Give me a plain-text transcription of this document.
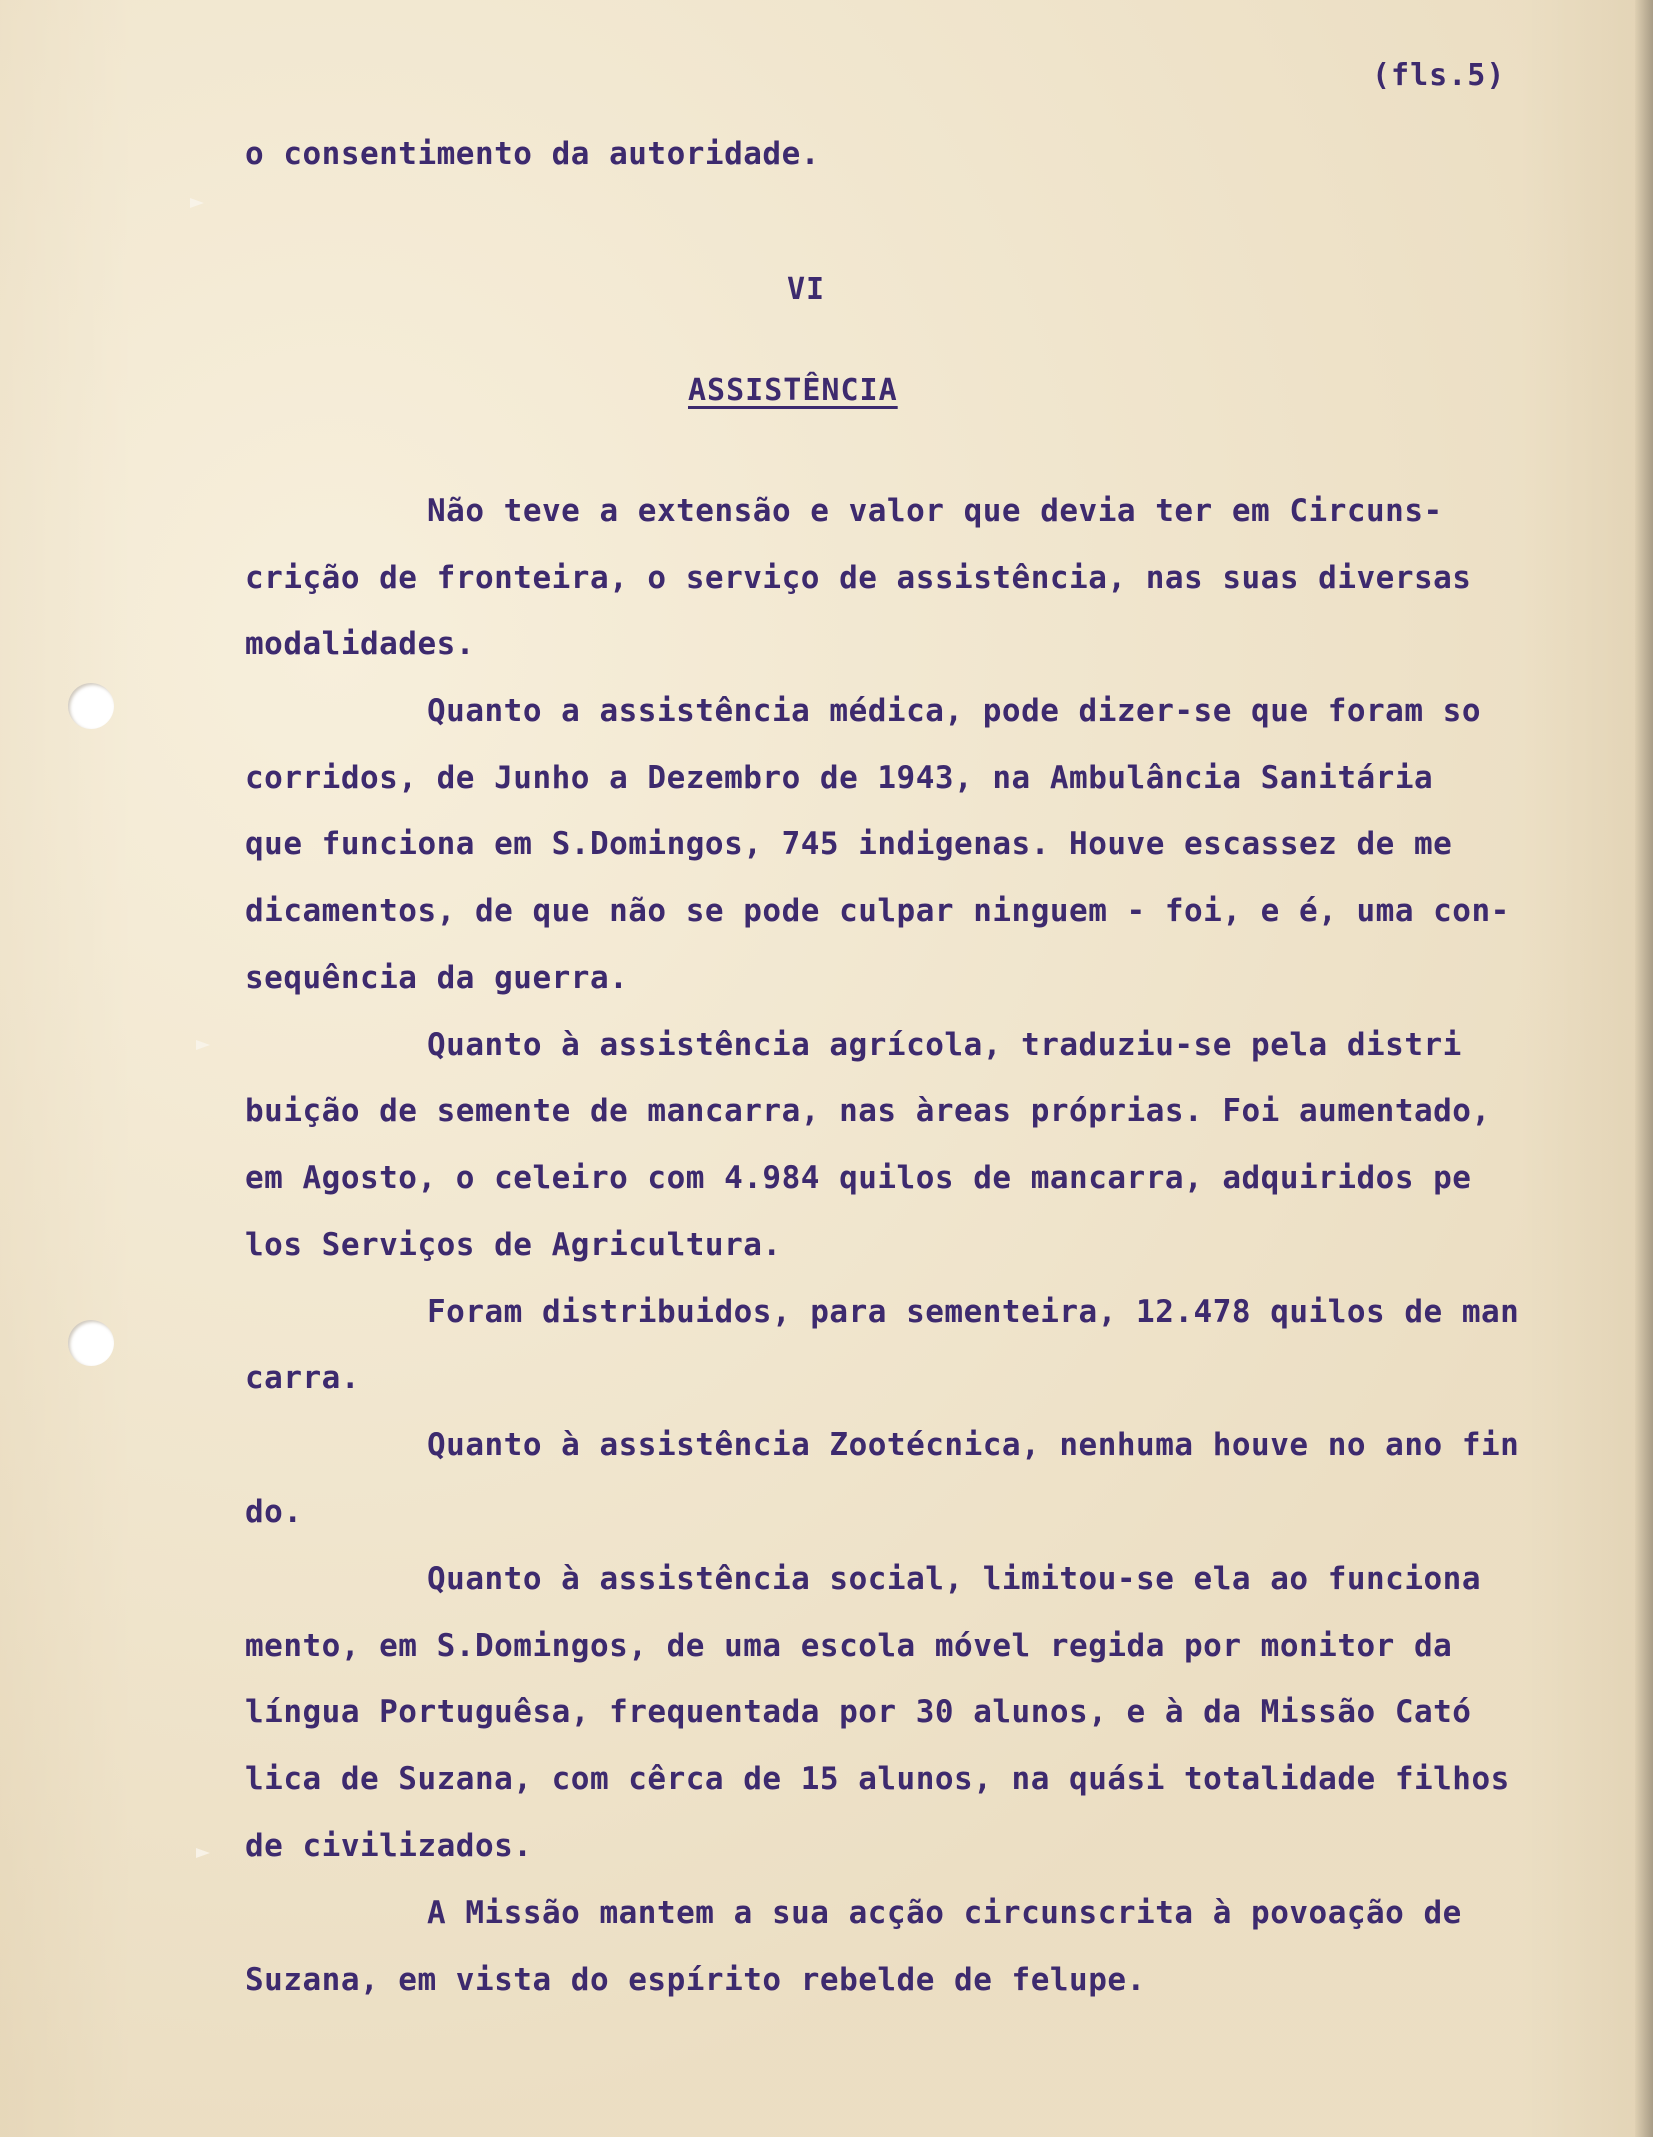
(fls.5)
o consentimento da autoridade.
VI
ASSISTÊNCIA
Não teve a extensão e valor que devia ter em Circuns-
crição de fronteira, o serviço de assistência, nas suas diversas
modalidades.
Quanto a assistência médica, pode dizer-se que foram so
corridos, de Junho a Dezembro de 1943, na Ambulância Sanitária
que funciona em S.Domingos, 745 indigenas. Houve escassez de me
dicamentos, de que não se pode culpar ninguem - foi, e é, uma con-
sequência da guerra.
Quanto à assistência agrícola, traduziu-se pela distri
buição de semente de mancarra, nas àreas próprias. Foi aumentado,
em Agosto, o celeiro com 4.984 quilos de mancarra, adquiridos pe
los Serviços de Agricultura.
Foram distribuidos, para sementeira, 12.478 quilos de man
carra.
Quanto à assistência Zootécnica, nenhuma houve no ano fin
do.
Quanto à assistência social, limitou-se ela ao funciona
mento, em S.Domingos, de uma escola móvel regida por monitor da
língua Portuguêsa, frequentada por 30 alunos, e à da Missão Cató
lica de Suzana, com cêrca de 15 alunos, na quási totalidade filhos
de civilizados.
A Missão mantem a sua acção circunscrita à povoação de
Suzana, em vista do espírito rebelde de felupe.
